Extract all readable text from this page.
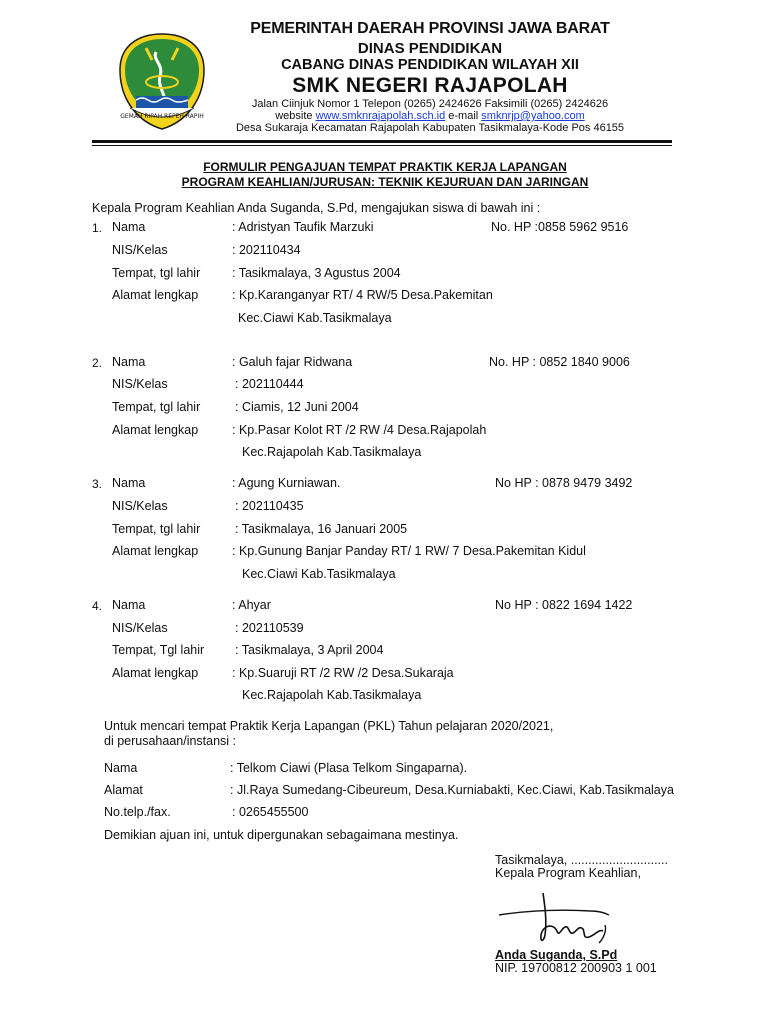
GEMAH RIPAH REPEH RAPIH
PEMERINTAH DAERAH PROVINSI JAWA BARAT
DINAS PENDIDIKAN
CABANG DINAS PENDIDIKAN WILAYAH XII
SMK NEGERI RAJAPOLAH
Jalan Ciinjuk Nomor 1 Telepon (0265) 2424626 Faksimili (0265) 2424626
website www.smknrajapolah.sch.id e-mail smknrjp@yahoo.com
Desa Sukaraja Kecamatan Rajapolah Kabupaten Tasikmalaya-Kode Pos 46155
FORMULIR PENGAJUAN TEMPAT PRAKTIK KERJA LAPANGAN
PROGRAM KEAHLIAN/JURUSAN: TEKNIK KEJURUAN DAN JARINGAN
Kepala Program Keahlian Anda Suganda, S.Pd, mengajukan siswa di bawah ini :
1. Nama	: Adristyan Taufik Marzuki	No. HP :0858 5962 9516
NIS/Kelas	: 202110434
Tempat, tgl lahir	: Tasikmalaya, 3 Agustus 2004
Alamat lengkap	: Kp.Karanganyar RT/ 4 RW/5 Desa.Pakemitan
Kec.Ciawi Kab.Tasikmalaya
2. Nama	: Galuh fajar Ridwana	No. HP : 0852 1840 9006
NIS/Kelas	: 202110444
Tempat, tgl lahir	: Ciamis, 12 Juni 2004
Alamat lengkap	: Kp.Pasar Kolot RT /2 RW /4 Desa.Rajapolah
Kec.Rajapolah Kab.Tasikmalaya
3. Nama	: Agung Kurniawan.	No HP : 0878 9479 3492
NIS/Kelas	: 202110435
Tempat, tgl lahir	: Tasikmalaya, 16 Januari 2005
Alamat lengkap	: Kp.Gunung Banjar Panday RT/ 1 RW/ 7 Desa.Pakemitan Kidul
Kec.Ciawi Kab.Tasikmalaya
4. Nama	: Ahyar	No HP : 0822 1694 1422
NIS/Kelas	: 202110539
Tempat, Tgl lahir : Tasikmalaya, 3 April 2004
Alamat lengkap	: Kp.Suaruji RT /2 RW /2 Desa.Sukaraja
Kec.Rajapolah Kab.Tasikmalaya
Untuk mencari tempat Praktik Kerja Lapangan (PKL) Tahun pelajaran 2020/2021,
di perusahaan/instansi :
Nama	: Telkom Ciawi (Plasa Telkom Singaparna).
Alamat	: Jl.Raya Sumedang-Cibeureum, Desa.Kurniabakti, Kec.Ciawi, Kab.Tasikmalaya
No.telp./fax.	: 0265455500
Demikian ajuan ini, untuk dipergunakan sebagaimana mestinya.
Tasikmalaya, ............................
Kepala Program Keahlian,
Anda Suganda, S.Pd
NIP. 19700812 200903 1 001
